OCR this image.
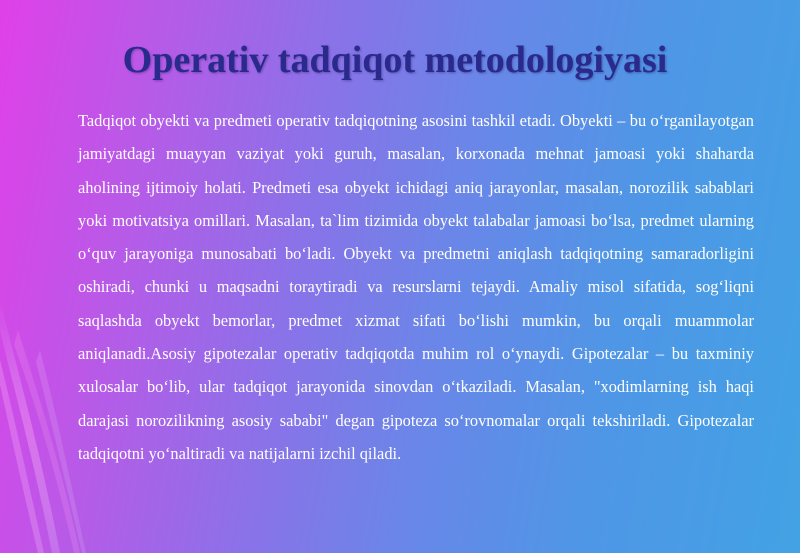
Operativ tadqiqot metodologiyasi

Tadqiqot obyekti va predmeti operativ tadqiqotning asosini tashkil etadi. Obyekti – bu oʻrganilayotgan jamiyatdagi muayyan vaziyat yoki guruh, masalan, korxonada mehnat jamoasi yoki shaharda aholining ijtimoiy holati. Predmeti esa obyekt ichidagi aniq jarayonlar, masalan, norozilik sabablari yoki motivatsiya omillari. Masalan, ta`lim tizimida obyekt talabalar jamoasi boʻlsa, predmet ularning oʻquv jarayoniga munosabati boʻladi. Obyekt va predmetni aniqlash tadqiqotning samaradorligini oshiradi, chunki u maqsadni toraytiradi va resurslarni tejaydi. Amaliy misol sifatida, sogʻliqni saqlashda obyekt bemorlar, predmet xizmat sifati boʻlishi mumkin, bu orqali muammolar aniqlanadi.Asosiy gipotezalar operativ tadqiqotda muhim rol oʻynaydi. Gipotezalar – bu taxminiy xulosalar boʻlib, ular tadqiqot jarayonida sinovdan oʻtkaziladi. Masalan, "xodimlarning ish haqi darajasi norozilikning asosiy sababi" degan gipoteza soʻrovnomalar orqali tekshiriladi. Gipotezalar tadqiqotni yoʻnaltiradi va natijalarni izchil qiladi.
